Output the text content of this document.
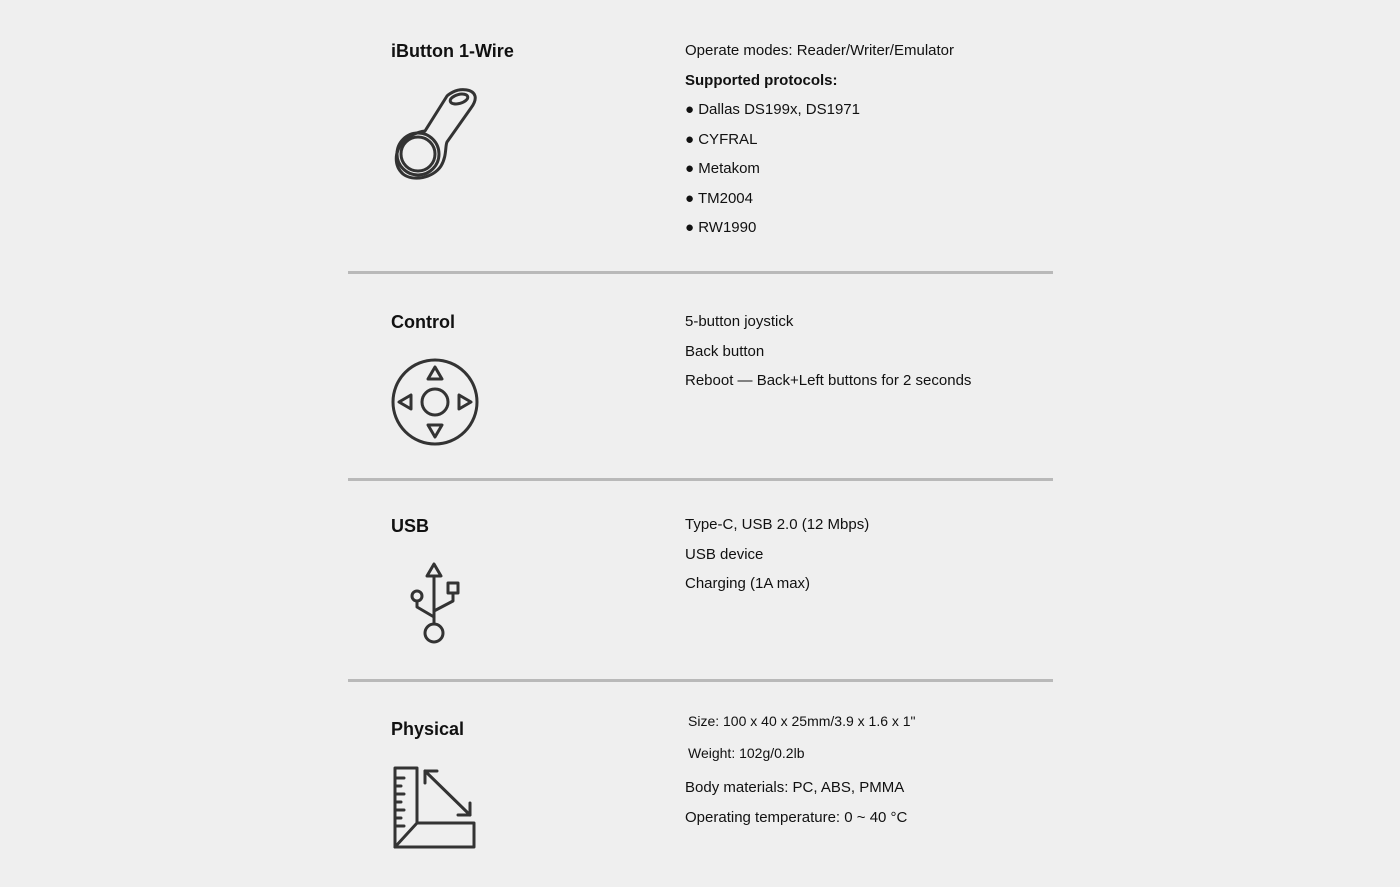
iButton 1-Wire	Operate modes: Reader/Writer/Emulator
Supported protocols:
● Dallas DS199x, DS1971
● CYFRAL
● Metakom
● TM2004
● RW1990
Control	5-button joystick
Back button
Reboot — Back+Left buttons for 2 seconds
USB	Type-C, USB 2.0 (12 Mbps)
USB device
Charging (1A max)
Physical	Size: 100 x 40 x 25mm/3.9 x 1.6 x 1"
Weight: 102g/0.2lb
Body materials: PC, ABS, PMMA
Operating temperature: 0 ~ 40 °C
